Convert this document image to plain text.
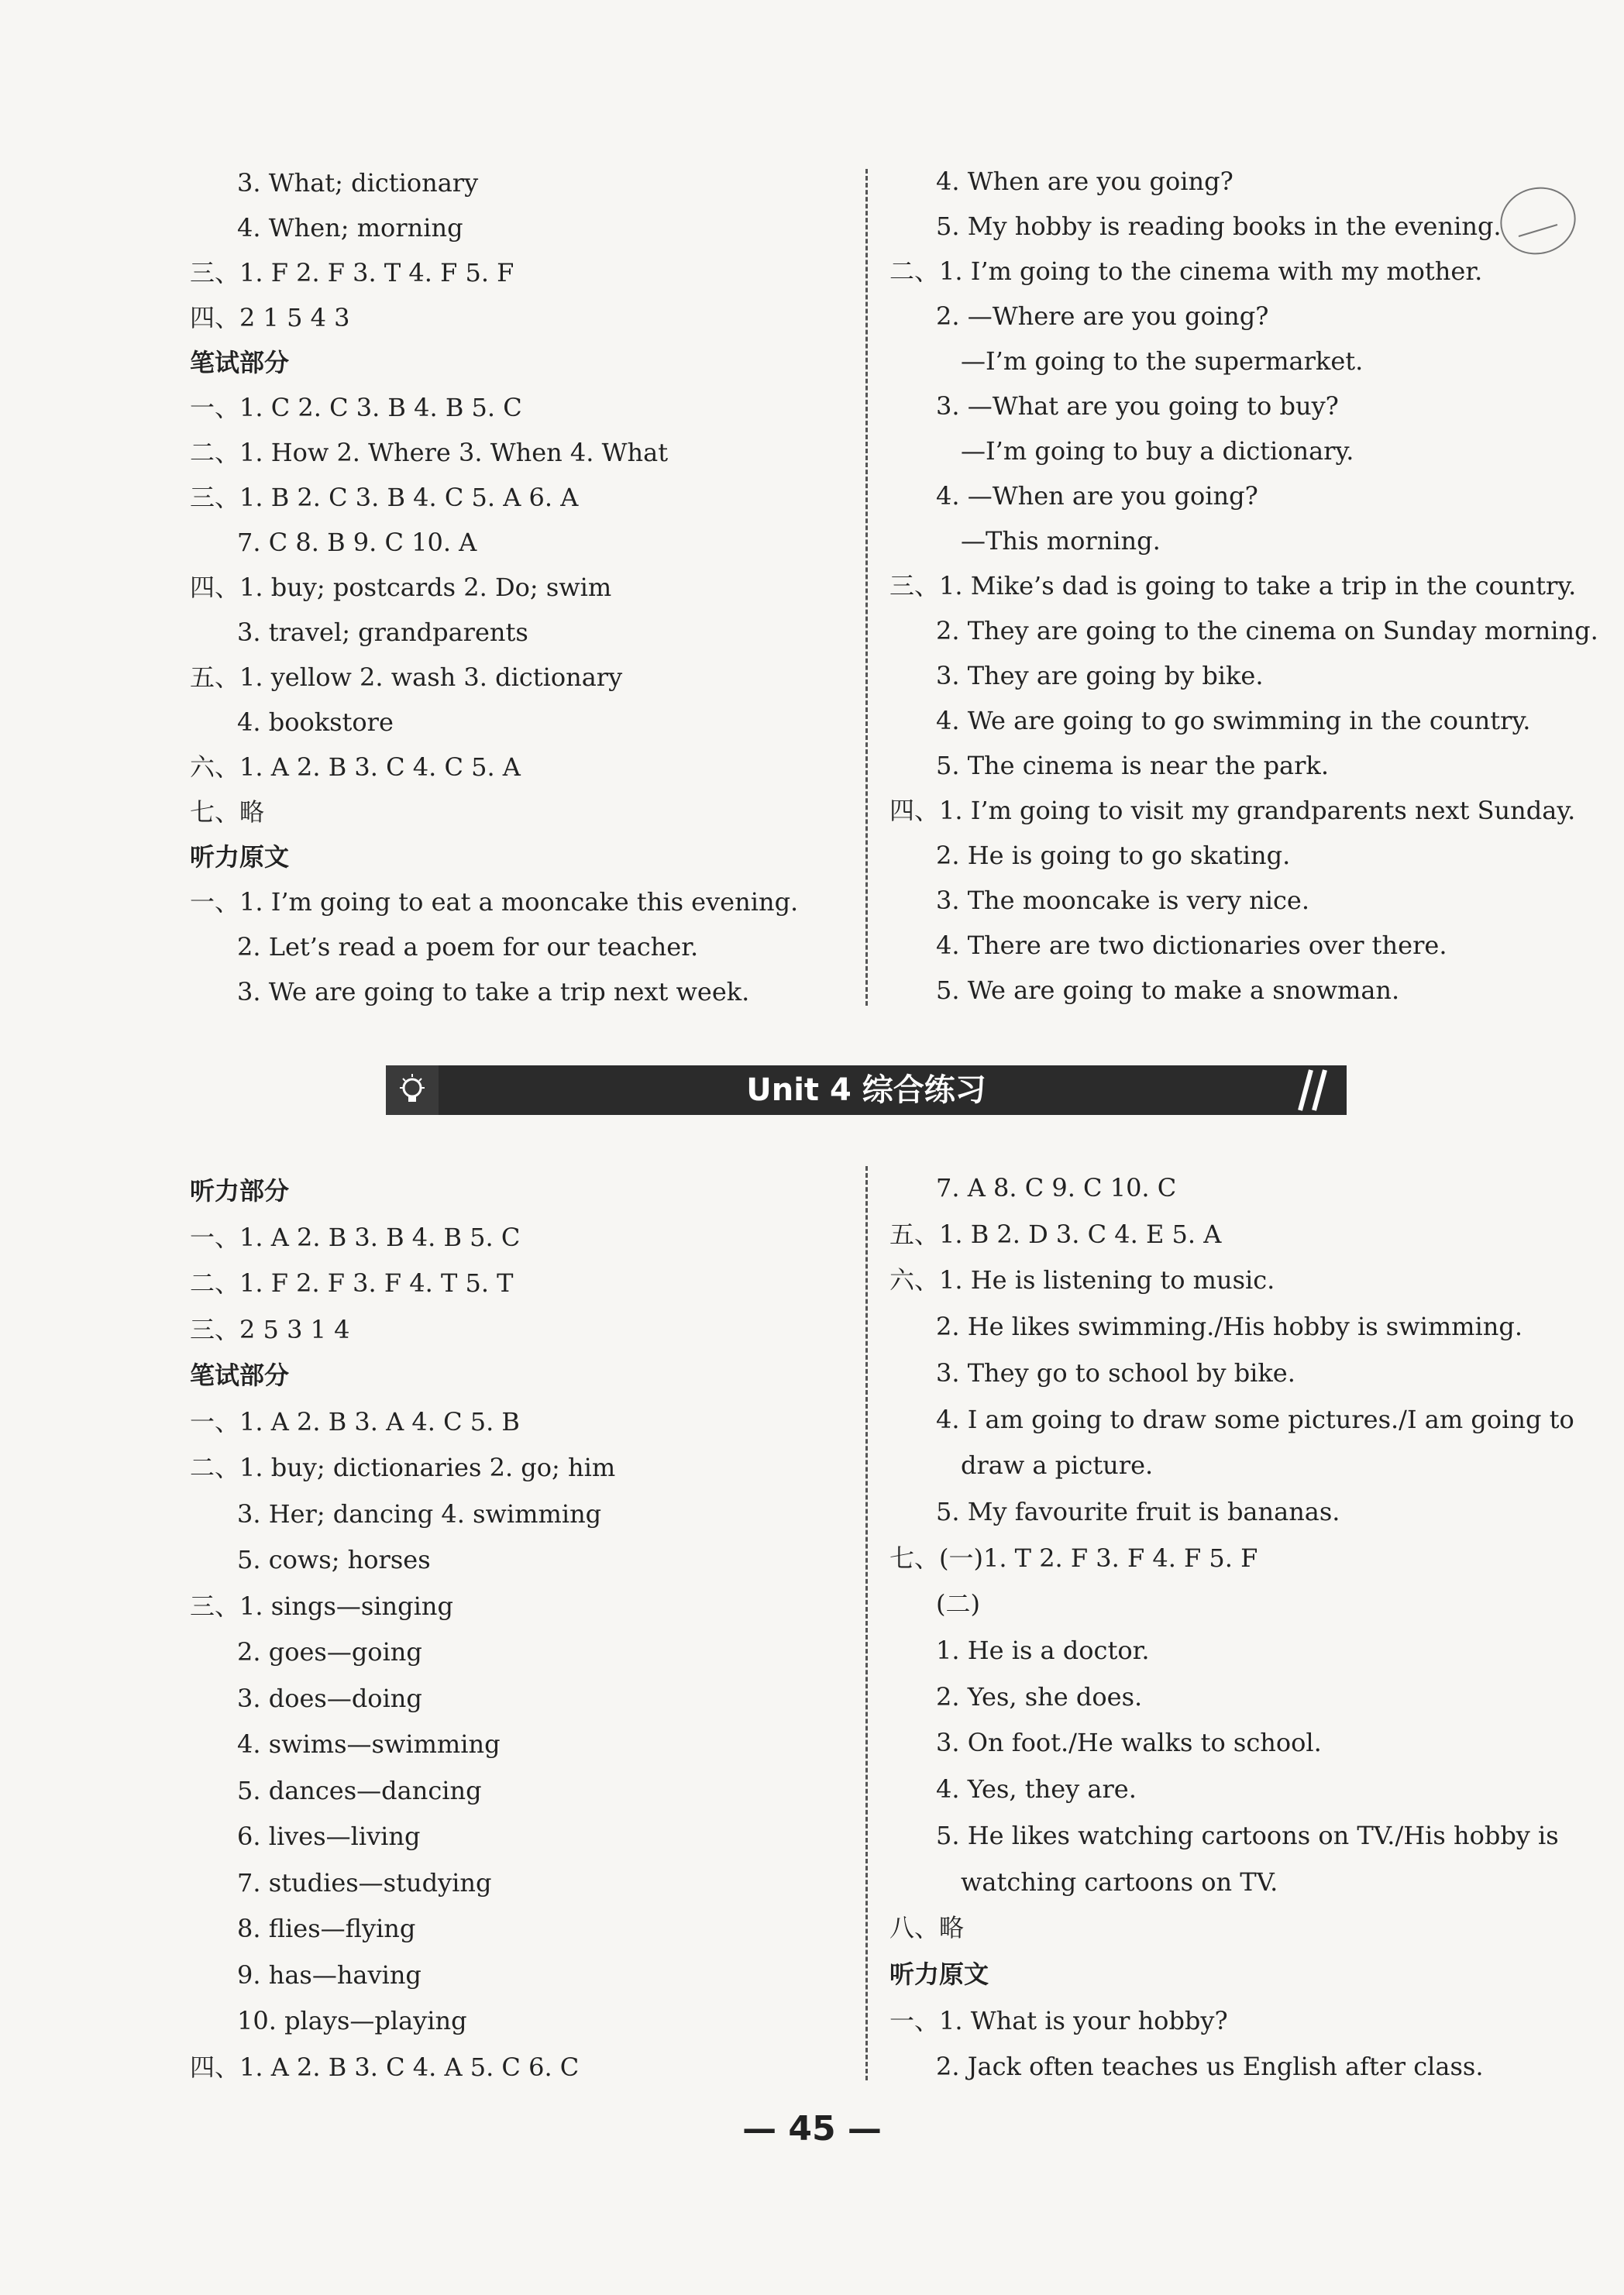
3. What; dictionary
4. When; morning
三、1. F 2. F 3. T 4. F 5. F
四、2 1 5 4 3
笔试部分
一、1. C 2. C 3. B 4. B 5. C
二、1. How 2. Where 3. When 4. What
三、1. B 2. C 3. B 4. C 5. A 6. A
7. C 8. B 9. C 10. A
四、1. buy; postcards 2. Do; swim
3. travel; grandparents
五、1. yellow 2. wash 3. dictionary
4. bookstore
六、1. A 2. B 3. C 4. C 5. A
七、略
听力原文
一、1. I’m going to eat a mooncake this evening.
2. Let’s read a poem for our teacher.
3. We are going to take a trip next week.
4. When are you going?
5. My hobby is reading books in the evening.
二、1. I’m going to the cinema with my mother.
2. —Where are you going?
—I’m going to the supermarket.
3. —What are you going to buy?
—I’m going to buy a dictionary.
4. —When are you going?
—This morning.
三、1. Mike’s dad is going to take a trip in the country.
2. They are going to the cinema on Sunday morning.
3. They are going by bike.
4. We are going to go swimming in the country.
5. The cinema is near the park.
四、1. I’m going to visit my grandparents next Sunday.
2. He is going to go skating.
3. The mooncake is very nice.
4. There are two dictionaries over there.
5. We are going to make a snowman.
Unit 4 综合练习
听力部分
一、1. A 2. B 3. B 4. B 5. C
二、1. F 2. F 3. F 4. T 5. T
三、2 5 3 1 4
笔试部分
一、1. A 2. B 3. A 4. C 5. B
二、1. buy; dictionaries 2. go; him
3. Her; dancing 4. swimming
5. cows; horses
三、1. sings—singing
2. goes—going
3. does—doing
4. swims—swimming
5. dances—dancing
6. lives—living
7. studies—studying
8. flies—flying
9. has—having
10. plays—playing
四、1. A 2. B 3. C 4. A 5. C 6. C
7. A 8. C 9. C 10. C
五、1. B 2. D 3. C 4. E 5. A
六、1. He is listening to music.
2. He likes swimming./His hobby is swimming.
3. They go to school by bike.
4. I am going to draw some pictures./I am going to
draw a picture.
5. My favourite fruit is bananas.
七、(一)1. T 2. F 3. F 4. F 5. F
(二)
1. He is a doctor.
2. Yes, she does.
3. On foot./He walks to school.
4. Yes, they are.
5. He likes watching cartoons on TV./His hobby is
watching cartoons on TV.
八、略
听力原文
一、1. What is your hobby?
2. Jack often teaches us English after class.
— 45 —
